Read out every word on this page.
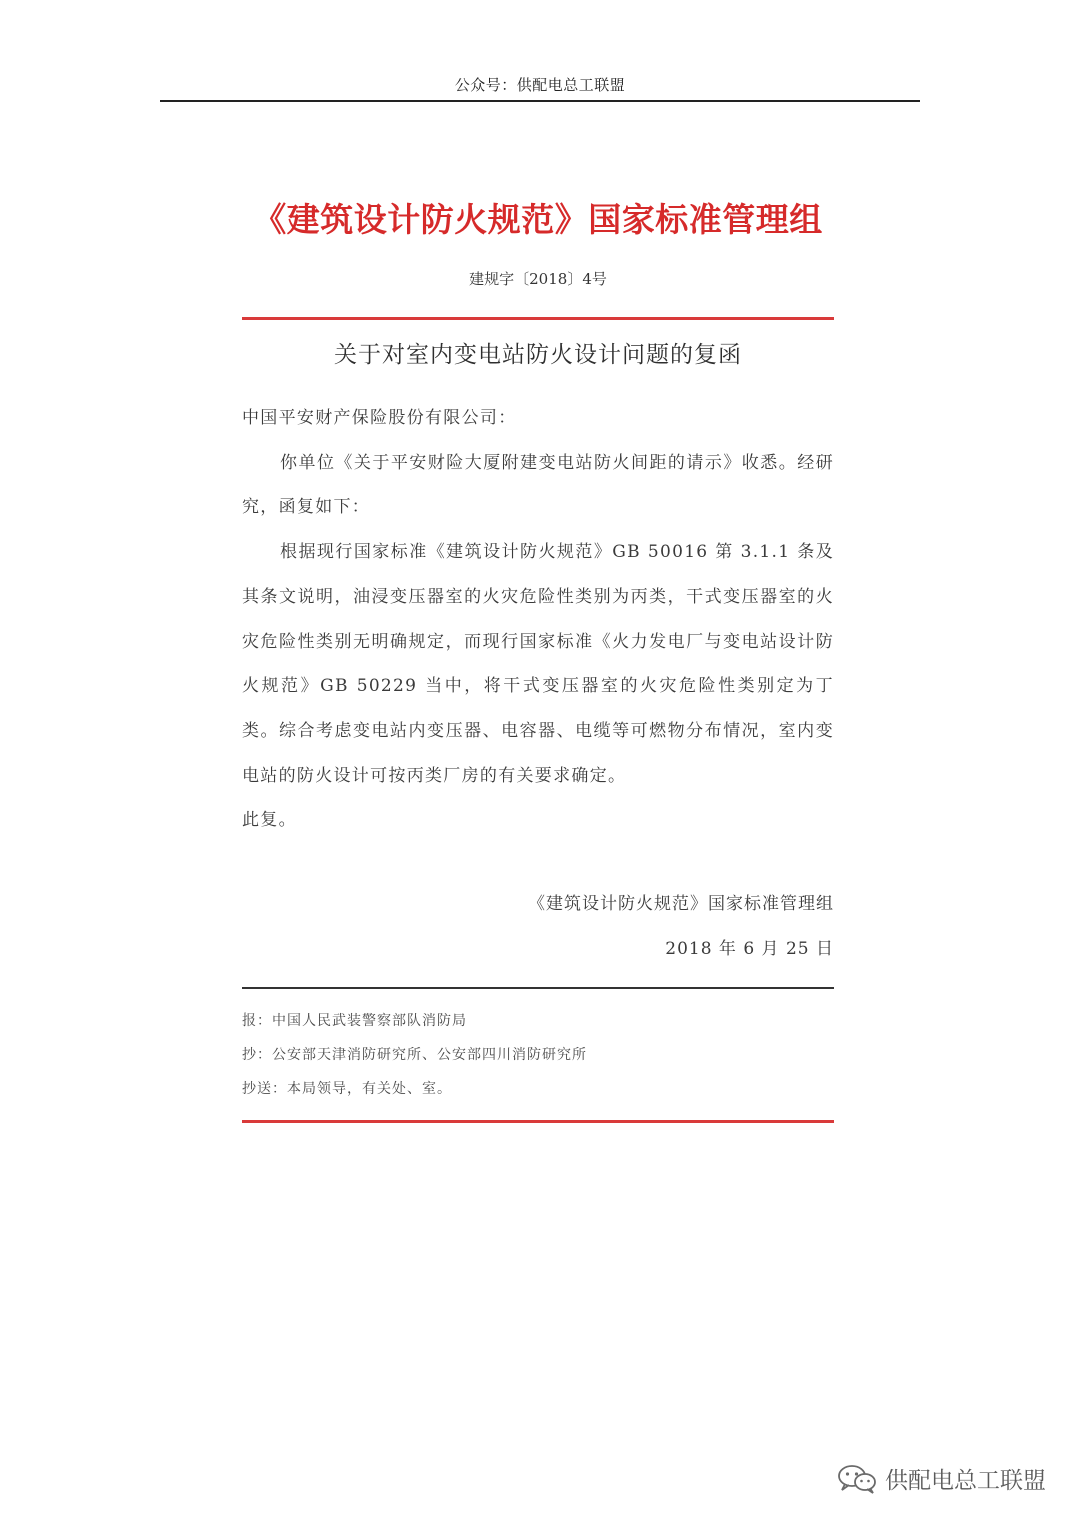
公众号：供配电总工联盟
《建筑设计防火规范》国家标准管理组
建规字〔2018〕4号
关于对室内变电站防火设计问题的复函

中国平安财产保险股份有限公司：

你单位《关于平安财险大厦附建变电站防火间距的请示》收悉。经研究，函复如下：

根据现行国家标准《建筑设计防火规范》GB 50016 第 3.1.1 条及其条文说明，油浸变压器室的火灾危险性类别为丙类，干式变压器室的火灾危险性类别无明确规定，而现行国家标准《火力发电厂与变电站设计防火规范》GB 50229 当中，将干式变压器室的火灾危险性类别定为丁类。综合考虑变电站内变压器、电容器、电缆等可燃物分布情况，室内变电站的防火设计可按丙类厂房的有关要求确定。

此复。

《建筑设计防火规范》国家标准管理组
2018 年 6 月 25 日
报：中国人民武装警察部队消防局
抄：公安部天津消防研究所、公安部四川消防研究所
抄送：本局领导，有关处、室。
供配电总工联盟
